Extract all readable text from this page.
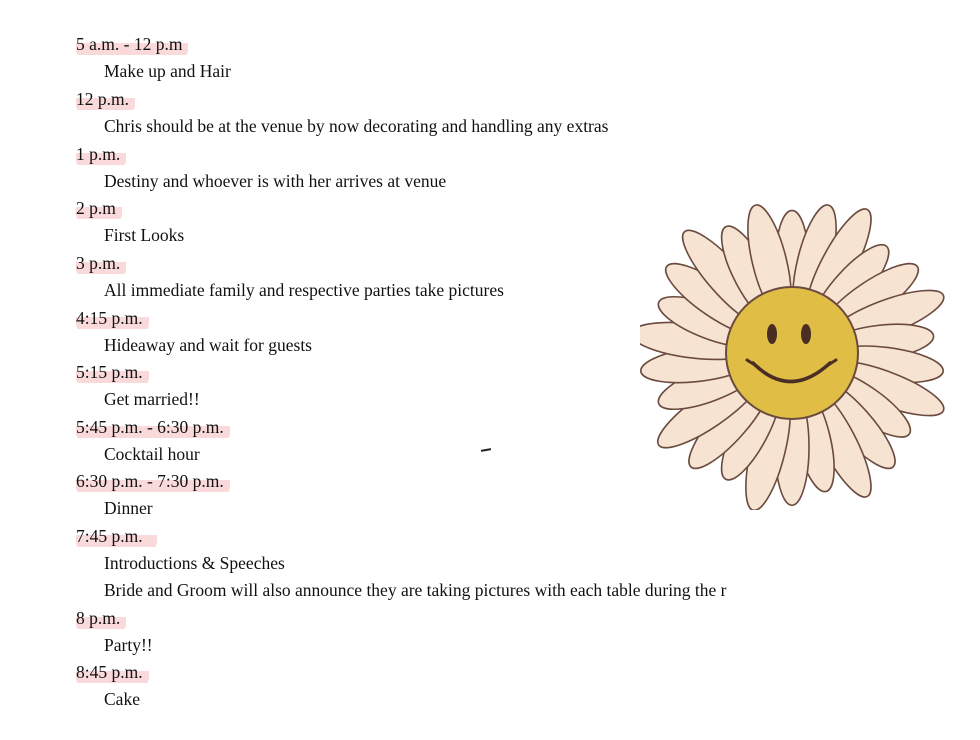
5 a.m. - 12 p.m
Make up and Hair
12 p.m.
Chris should be at the venue by now decorating and handling any extras
1 p.m.
Destiny and whoever is with her arrives at venue
2 p.m
First Looks
3 p.m.
All immediate family and respective parties take pictures
4:15 p.m.
Hideaway and wait for guests
5:15 p.m.
Get married!!
5:45 p.m. - 6:30 p.m.
Cocktail hour
6:30 p.m. - 7:30 p.m.
Dinner
7:45 p.m.
Introductions & Speeches
Bride and Groom will also announce they are taking pictures with each table during the r
8 p.m.
Party!!
8:45 p.m.
Cake
